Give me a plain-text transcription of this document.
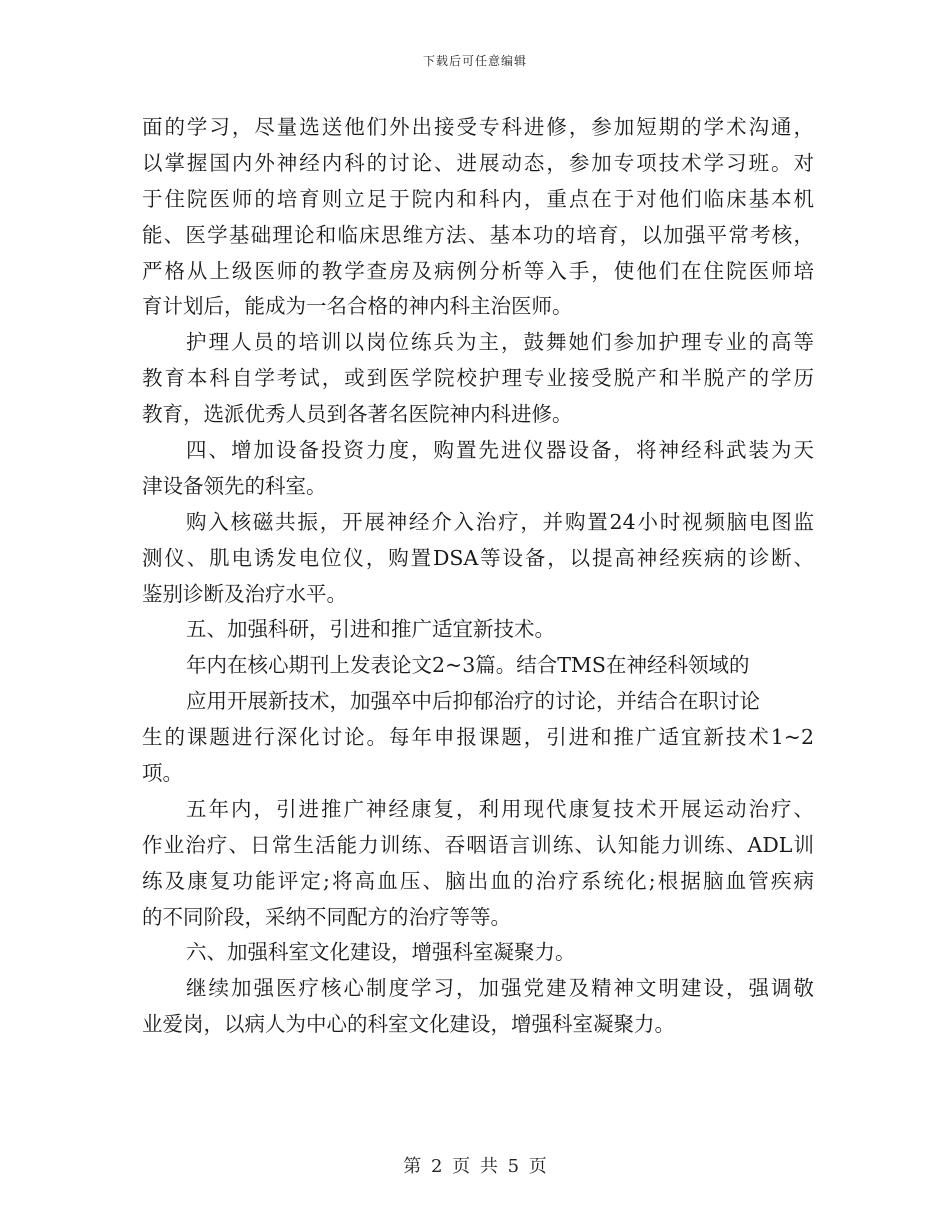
下载后可任意编辑
面的学习，尽量选送他们外出接受专科进修，参加短期的学术沟通，
以掌握国内外神经内科的讨论、进展动态，参加专项技术学习班。对
于住院医师的培育则立足于院内和科内，重点在于对他们临床基本机
能、医学基础理论和临床思维方法、基本功的培育，以加强平常考核，
严格从上级医师的教学查房及病例分析等入手，使他们在住院医师培
育计划后，能成为一名合格的神内科主治医师。
护理人员的培训以岗位练兵为主，鼓舞她们参加护理专业的高等
教育本科自学考试，或到医学院校护理专业接受脱产和半脱产的学历
教育，选派优秀人员到各著名医院神内科进修。
四、增加设备投资力度，购置先进仪器设备，将神经科武装为天
津设备领先的科室。
购入核磁共振，开展神经介入治疗，并购置24小时视频脑电图监
测仪、肌电诱发电位仪，购置DSA等设备，以提高神经疾病的诊断、
鉴别诊断及治疗水平。
五、加强科研，引进和推广适宜新技术。
年内在核心期刊上发表论文2~3篇。结合TMS在神经科领域的
应用开展新技术，加强卒中后抑郁治疗的讨论，并结合在职讨论
生的课题进行深化讨论。每年申报课题，引进和推广适宜新技术1~2
项。
五年内，引进推广神经康复，利用现代康复技术开展运动治疗、
作业治疗、日常生活能力训练、吞咽语言训练、认知能力训练、ADL训
练及康复功能评定;将高血压、脑出血的治疗系统化;根据脑血管疾病
的不同阶段，采纳不同配方的治疗等等。
六、加强科室文化建设，增强科室凝聚力。
继续加强医疗核心制度学习，加强党建及精神文明建设，强调敬
业爱岗，以病人为中心的科室文化建设，增强科室凝聚力。
第 2 页 共 5 页
